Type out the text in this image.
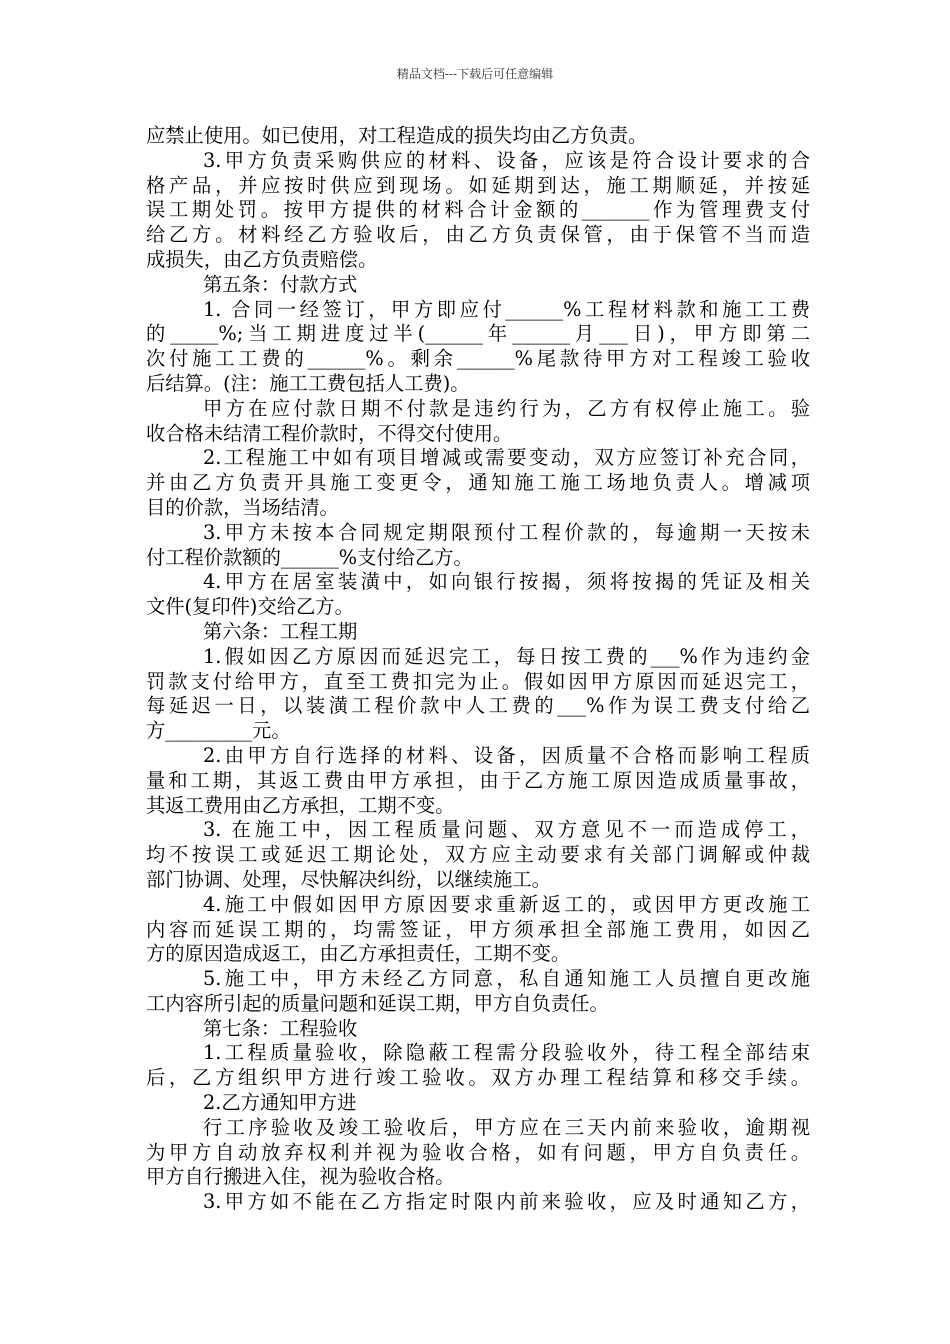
精品文档---下载后可任意编辑
应禁止使用。如已使用，对工程造成的损失均由乙方负责。
3.甲方负责采购供应的材料、设备，应该是符合设计要求的合
格产品，并应按时供应到现场。如延期到达，施工期顺延，并按延
误工期处罚。按甲方提供的材料合计金额的_______作为管理费支付
给乙方。材料经乙方验收后，由乙方负责保管，由于保管不当而造
成损失，由乙方负责赔偿。
第五条：付款方式
1. 合同一经签订，甲方即应付______%工程材料款和施工工费
的_____%;当工期进度过半(______年______月___日)，甲方即第二
次付施工工费的______%。剩余______%尾款待甲方对工程竣工验收
后结算。(注：施工工费包括人工费)。
甲方在应付款日期不付款是违约行为，乙方有权停止施工。验
收合格未结清工程价款时，不得交付使用。
2.工程施工中如有项目增减或需要变动，双方应签订补充合同，
并由乙方负责开具施工变更令，通知施工施工场地负责人。增减项
目的价款，当场结清。
3.甲方未按本合同规定期限预付工程价款的，每逾期一天按未
付工程价款额的______%支付给乙方。
4.甲方在居室装潢中，如向银行按揭，须将按揭的凭证及相关
文件(复印件)交给乙方。
第六条：工程工期
1.假如因乙方原因而延迟完工，每日按工费的___%作为违约金
罚款支付给甲方，直至工费扣完为止。假如因甲方原因而延迟完工，
每延迟一日，以装潢工程价款中人工费的___%作为误工费支付给乙
方_________元。
2.由甲方自行选择的材料、设备，因质量不合格而影响工程质
量和工期，其返工费由甲方承担，由于乙方施工原因造成质量事故，
其返工费用由乙方承担，工期不变。
3. 在施工中，因工程质量问题、双方意见不一而造成停工，
均不按误工或延迟工期论处，双方应主动要求有关部门调解或仲裁
部门协调、处理，尽快解决纠纷，以继续施工。
4.施工中假如因甲方原因要求重新返工的，或因甲方更改施工
内容而延误工期的，均需签证，甲方须承担全部施工费用，如因乙
方的原因造成返工，由乙方承担责任，工期不变。
5.施工中，甲方未经乙方同意，私自通知施工人员擅自更改施
工内容所引起的质量问题和延误工期，甲方自负责任。
第七条：工程验收
1.工程质量验收，除隐蔽工程需分段验收外，待工程全部结束
后，乙方组织甲方进行竣工验收。双方办理工程结算和移交手续。
2.乙方通知甲方进
行工序验收及竣工验收后，甲方应在三天内前来验收，逾期视
为甲方自动放弃权利并视为验收合格，如有问题，甲方自负责任。
甲方自行搬进入住，视为验收合格。
3.甲方如不能在乙方指定时限内前来验收，应及时通知乙方，
